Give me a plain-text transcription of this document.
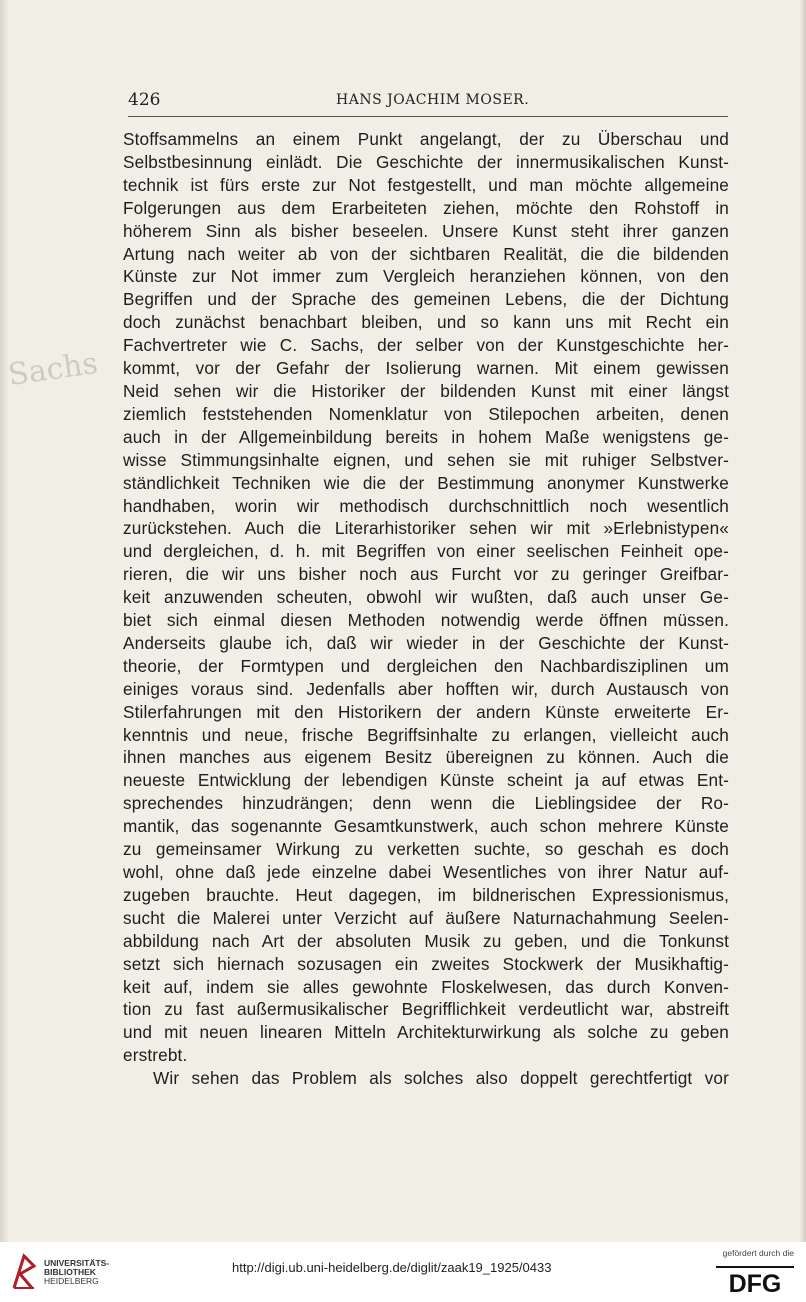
426	HANS JOACHIM MOSER.
Sachs
Stoffsammelns an einem Punkt angelangt, der zu Überschau und
Selbstbesinnung einlädt. Die Geschichte der innermusikalischen Kunst-
technik ist fürs erste zur Not festgestellt, und man möchte allgemeine
Folgerungen aus dem Erarbeiteten ziehen, möchte den Rohstoff in
höherem Sinn als bisher beseelen. Unsere Kunst steht ihrer ganzen
Artung nach weiter ab von der sichtbaren Realität, die die bildenden
Künste zur Not immer zum Vergleich heranziehen können, von den
Begriffen und der Sprache des gemeinen Lebens, die der Dichtung
doch zunächst benachbart bleiben, und so kann uns mit Recht ein
Fachvertreter wie C. Sachs, der selber von der Kunstgeschichte her-
kommt, vor der Gefahr der Isolierung warnen. Mit einem gewissen
Neid sehen wir die Historiker der bildenden Kunst mit einer längst
ziemlich feststehenden Nomenklatur von Stilepochen arbeiten, denen
auch in der Allgemeinbildung bereits in hohem Maße wenigstens ge-
wisse Stimmungsinhalte eignen, und sehen sie mit ruhiger Selbstver-
ständlichkeit Techniken wie die der Bestimmung anonymer Kunstwerke
handhaben, worin wir methodisch durchschnittlich noch wesentlich
zurückstehen. Auch die Literarhistoriker sehen wir mit »Erlebnistypen«
und dergleichen, d. h. mit Begriffen von einer seelischen Feinheit ope-
rieren, die wir uns bisher noch aus Furcht vor zu geringer Greifbar-
keit anzuwenden scheuten, obwohl wir wußten, daß auch unser Ge-
biet sich einmal diesen Methoden notwendig werde öffnen müssen.
Anderseits glaube ich, daß wir wieder in der Geschichte der Kunst-
theorie, der Formtypen und dergleichen den Nachbardisziplinen um
einiges voraus sind. Jedenfalls aber hofften wir, durch Austausch von
Stilerfahrungen mit den Historikern der andern Künste erweiterte Er-
kenntnis und neue, frische Begriffsinhalte zu erlangen, vielleicht auch
ihnen manches aus eigenem Besitz übereignen zu können. Auch die
neueste Entwicklung der lebendigen Künste scheint ja auf etwas Ent-
sprechendes hinzudrängen; denn wenn die Lieblingsidee der Ro-
mantik, das sogenannte Gesamtkunstwerk, auch schon mehrere Künste
zu gemeinsamer Wirkung zu verketten suchte, so geschah es doch
wohl, ohne daß jede einzelne dabei Wesentliches von ihrer Natur auf-
zugeben brauchte. Heut dagegen, im bildnerischen Expressionismus,
sucht die Malerei unter Verzicht auf äußere Naturnachahmung Seelen-
abbildung nach Art der absoluten Musik zu geben, und die Tonkunst
setzt sich hiernach sozusagen ein zweites Stockwerk der Musikhaftig-
keit auf, indem sie alles gewohnte Floskelwesen, das durch Konven-
tion zu fast außermusikalischer Begrifflichkeit verdeutlicht war, abstreift
und mit neuen linearen Mitteln Architekturwirkung als solche zu geben
erstrebt.
Wir sehen das Problem als solches also doppelt gerechtfertigt vor
UNIVERSITÄTS-
BIBLIOTHEK
HEIDELBERG
http://digi.ub.uni-heidelberg.de/diglit/zaak19_1925/0433
gefördert durch die
DFG
